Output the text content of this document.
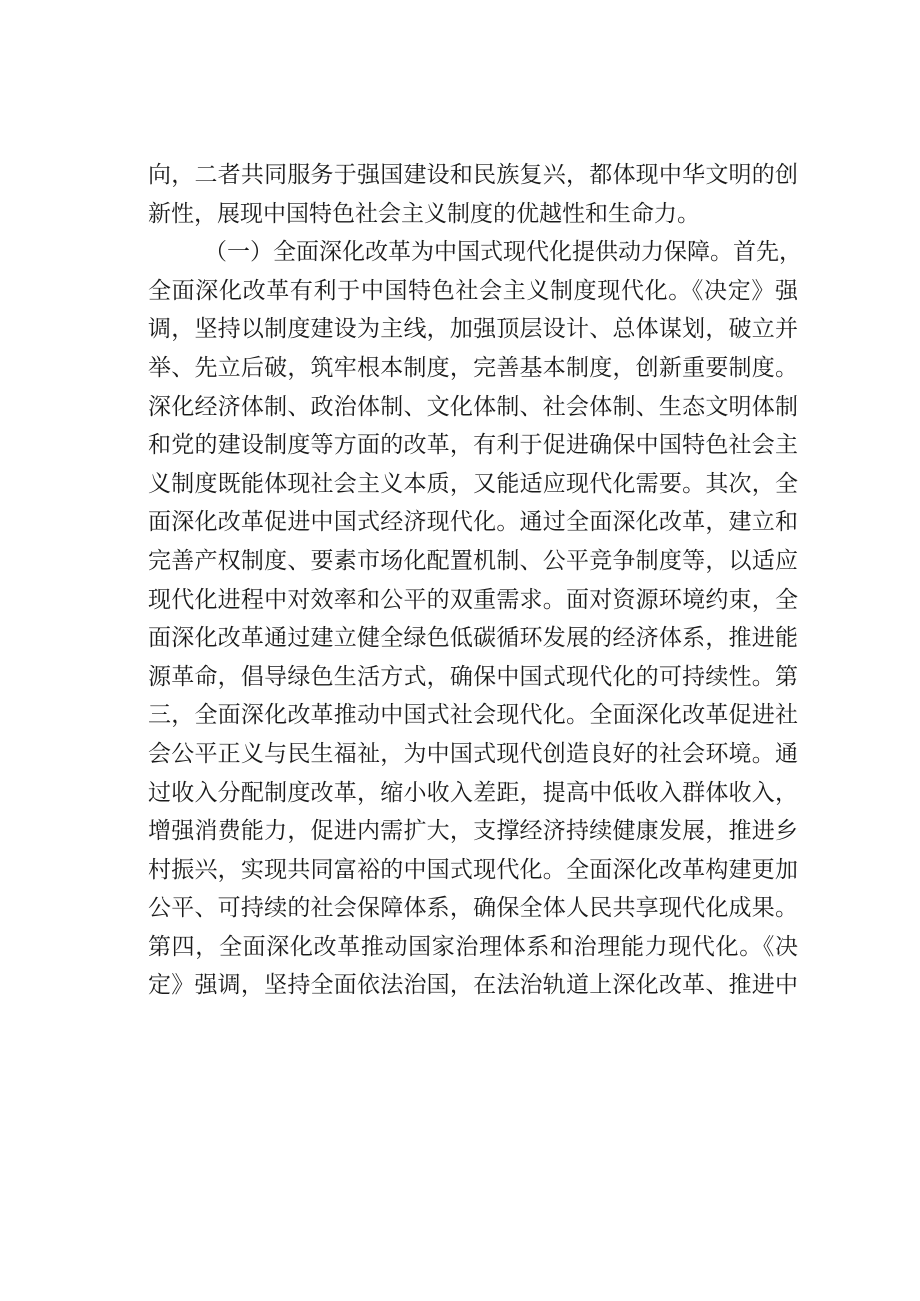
向，二者共同服务于强国建设和民族复兴，都体现中华文明的创
新性，展现中国特色社会主义制度的优越性和生命力。
（一）全面深化改革为中国式现代化提供动力保障。首先，
全面深化改革有利于中国特色社会主义制度现代化。《决定》强
调，坚持以制度建设为主线，加强顶层设计、总体谋划，破立并
举、先立后破，筑牢根本制度，完善基本制度，创新重要制度。
深化经济体制、政治体制、文化体制、社会体制、生态文明体制
和党的建设制度等方面的改革，有利于促进确保中国特色社会主
义制度既能体现社会主义本质，又能适应现代化需要。其次，全
面深化改革促进中国式经济现代化。通过全面深化改革，建立和
完善产权制度、要素市场化配置机制、公平竞争制度等，以适应
现代化进程中对效率和公平的双重需求。面对资源环境约束，全
面深化改革通过建立健全绿色低碳循环发展的经济体系，推进能
源革命，倡导绿色生活方式，确保中国式现代化的可持续性。第
三，全面深化改革推动中国式社会现代化。全面深化改革促进社
会公平正义与民生福祉，为中国式现代创造良好的社会环境。通
过收入分配制度改革，缩小收入差距，提高中低收入群体收入，
增强消费能力，促进内需扩大，支撑经济持续健康发展，推进乡
村振兴，实现共同富裕的中国式现代化。全面深化改革构建更加
公平、可持续的社会保障体系，确保全体人民共享现代化成果。
第四，全面深化改革推动国家治理体系和治理能力现代化。《决
定》强调，坚持全面依法治国，在法治轨道上深化改革、推进中
